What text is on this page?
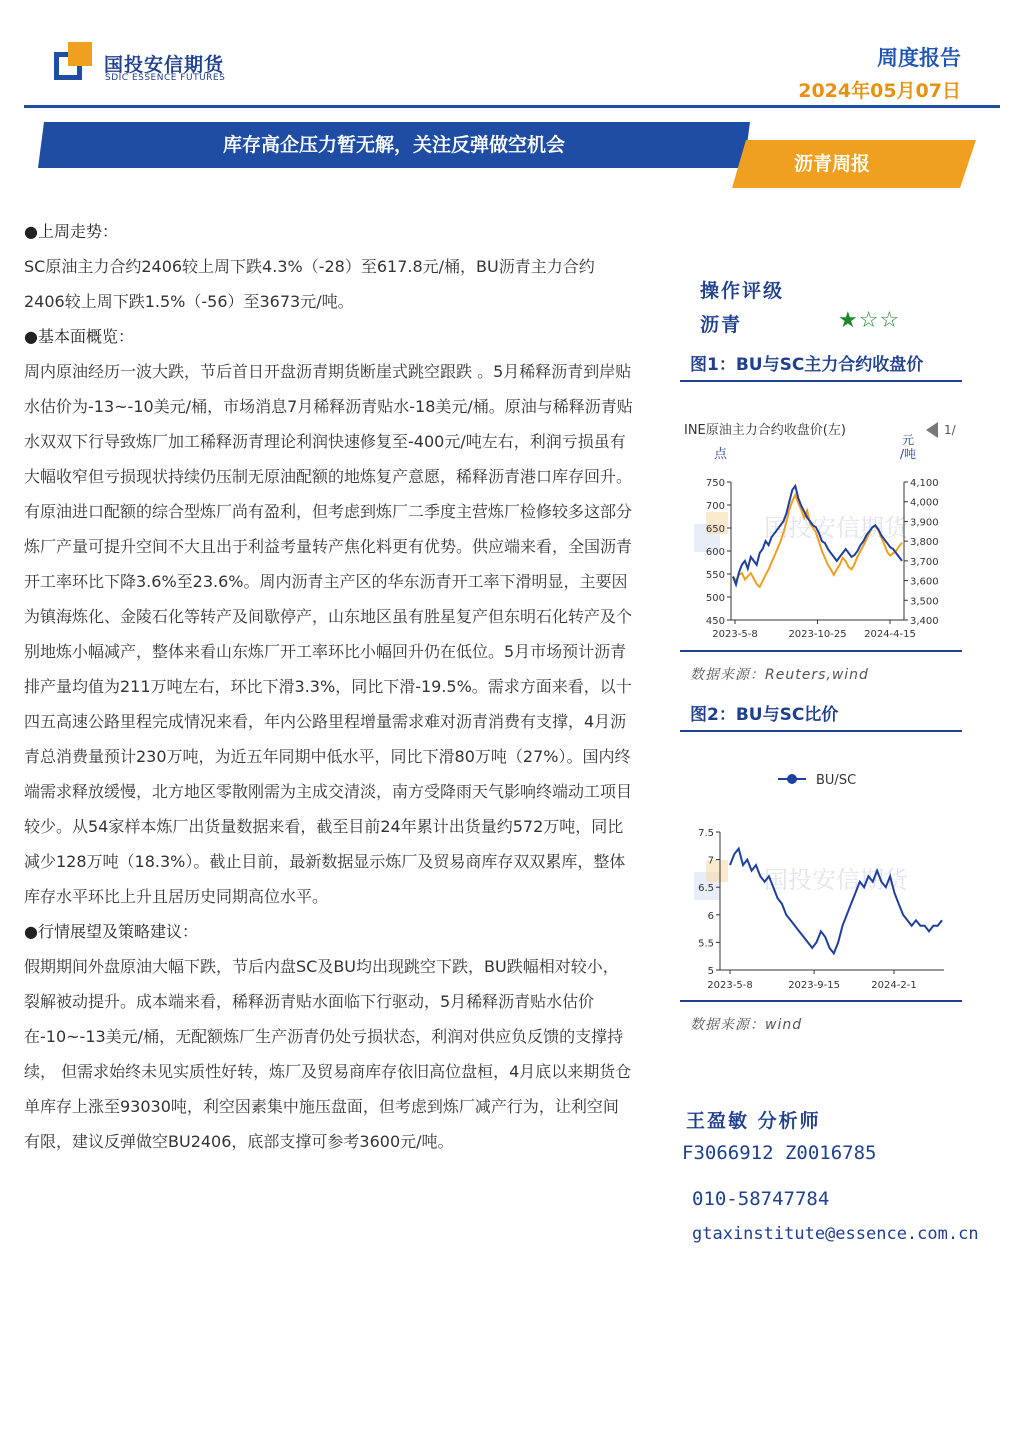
国投安信期货
SDIC ESSENCE FUTURES
周度报告
2024年05月07日
库存高企压力暂无解，关注反弹做空机会
沥青周报

●上周走势：

SC原油主力合约2406较上周下跌4.3%（-28）至617.8元/桶，BU沥青主力合约2406较上周下跌1.5%（-56）至3673元/吨。

●基本面概览：

周内原油经历一波大跌，节后首日开盘沥青期货断崖式跳空跟跌 。5月稀释沥青到岸贴水估价为-13~-10美元/桶，市场消息7月稀释沥青贴水-18美元/桶。原油与稀释沥青贴水双双下行导致炼厂加工稀释沥青理论利润快速修复至-400元/吨左右，利润亏损虽有大幅收窄但亏损现状持续仍压制无原油配额的地炼复产意愿，稀释沥青港口库存回升。有原油进口配额的综合型炼厂尚有盈利，但考虑到炼厂二季度主营炼厂检修较多这部分炼厂产量可提升空间不大且出于利益考量转产焦化料更有优势。供应端来看，全国沥青开工率环比下降3.6%至23.6%。周内沥青主产区的华东沥青开工率下滑明显，主要因为镇海炼化、金陵石化等转产及间歇停产，山东地区虽有胜星复产但东明石化转产及个别地炼小幅减产，整体来看山东炼厂开工率环比小幅回升仍在低位。5月市场预计沥青排产量均值为211万吨左右，环比下滑3.3%，同比下滑-19.5%。需求方面来看，以十四五高速公路里程完成情况来看，年内公路里程增量需求难对沥青消费有支撑，4月沥青总消费量预计230万吨，为近五年同期中低水平，同比下滑80万吨（27%）。国内终端需求释放缓慢，北方地区零散刚需为主成交清淡，南方受降雨天气影响终端动工项目较少。从54家样本炼厂出货量数据来看，截至目前24年累计出货量约572万吨，同比减少128万吨（18.3%）。截止目前，最新数据显示炼厂及贸易商库存双双累库，整体库存水平环比上升且居历史同期高位水平。

●行情展望及策略建议：

假期期间外盘原油大幅下跌，节后内盘SC及BU均出现跳空下跌，BU跌幅相对较小，裂解被动提升。成本端来看，稀释沥青贴水面临下行驱动，5月稀释沥青贴水估价在-10~-13美元/桶，无配额炼厂生产沥青仍处亏损状态，利润对供应负反馈的支撑持续， 但需求始终未见实质性好转，炼厂及贸易商库存依旧高位盘桓，4月底以来期货仓单库存上涨至93030吨，利空因素集中施压盘面，但考虑到炼厂减产行为，让利空间有限，建议反弹做空BU2406，底部支撑可参考3600元/吨。

操作评级
沥青	★☆☆
图1：BU与SC主力合约收盘价
国投安信期货
INE原油主力合约收盘价(左)	1/
点
元/吨
750
700
650
600
550
500
450
4,100
4,000
3,900
3,800
3,700
3,600
3,500
3,400
2023-5-8	2023-10-25 2024-4-15
数据来源：Reuters,wind
图2：BU与SC比价
国投安信期货
BU/SC
7.5
7
6.5
6
5.5
5
2023-5-8	2023-9-15	2024-2-1
数据来源：wind
王盈敏 分析师
F3066912 Z0016785
010-58747784
gtaxinstitute@essence.com.cn
